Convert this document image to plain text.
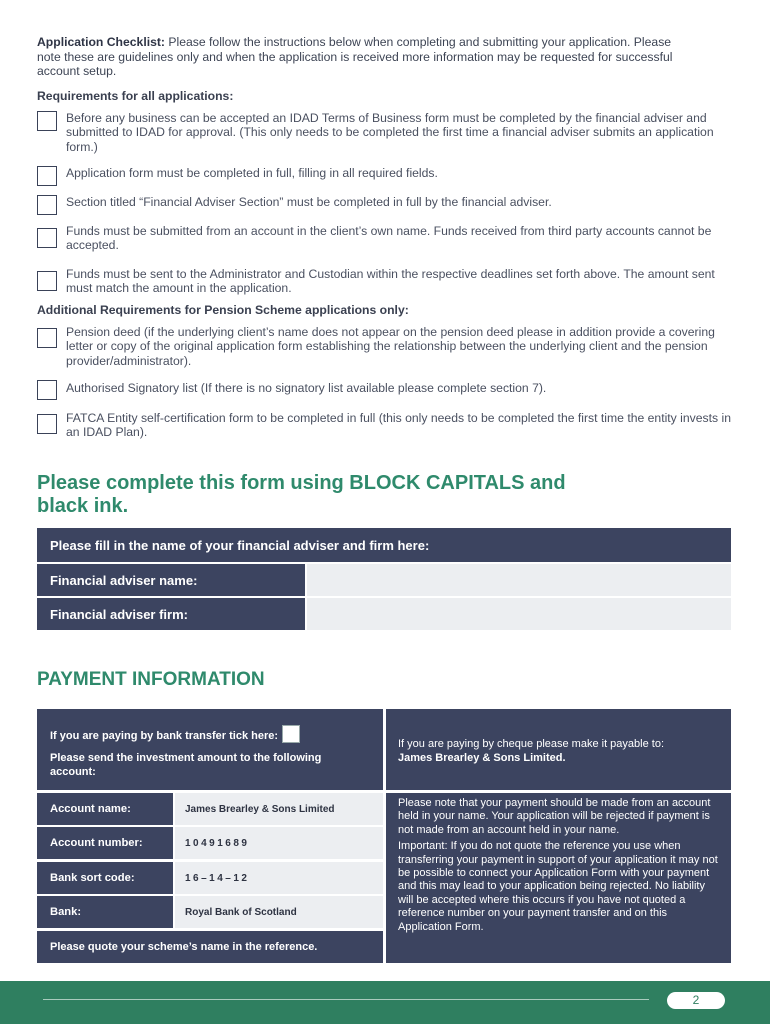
Application Checklist: Please follow the instructions below when completing and submitting your application. Please note these are guidelines only and when the application is received more information may be requested for successful account setup.
Requirements for all applications:
Before any business can be accepted an IDAD Terms of Business form must be completed by the financial adviser and submitted to IDAD for approval. (This only needs to be completed the first time a financial adviser submits an application form.)
Application form must be completed in full, filling in all required fields.
Section titled “Financial Adviser Section” must be completed in full by the financial adviser.
Funds must be submitted from an account in the client’s own name. Funds received from third party accounts cannot be accepted.
Funds must be sent to the Administrator and Custodian within the respective deadlines set forth above. The amount sent must match the amount in the application.
Additional Requirements for Pension Scheme applications only:
Pension deed (if the underlying client’s name does not appear on the pension deed please in addition provide a covering letter or copy of the original application form establishing the relationship between the underlying client and the pension provider/administrator).
Authorised Signatory list (If there is no signatory list available please complete section 7).
FATCA Entity self-certification form to be completed in full (this only needs to be completed the first time the entity invests in an IDAD Plan).
Please complete this form using BLOCK CAPITALS and black ink.
Please fill in the name of your financial adviser and firm here:
Financial adviser name:
Financial adviser firm:
PAYMENT INFORMATION
If you are paying by bank transfer tick here:
Please send the investment amount to the following account:
If you are paying by cheque please make it payable to:
James Brearley & Sons Limited.
Account name:	James Brearley & Sons Limited
Account number:	10491689
Bank sort code:	16–14–12
Bank:	Royal Bank of Scotland
Please quote your scheme’s name in the reference.
Please note that your payment should be made from an account held in your name. Your application will be rejected if payment is not made from an account held in your name.
Important: If you do not quote the reference you use when transferring your payment in support of your application it may not be possible to connect your Application Form with your payment and this may lead to your application being rejected. No liability will be accepted where this occurs if you have not quoted a reference number on your payment transfer and on this Application Form.
2
